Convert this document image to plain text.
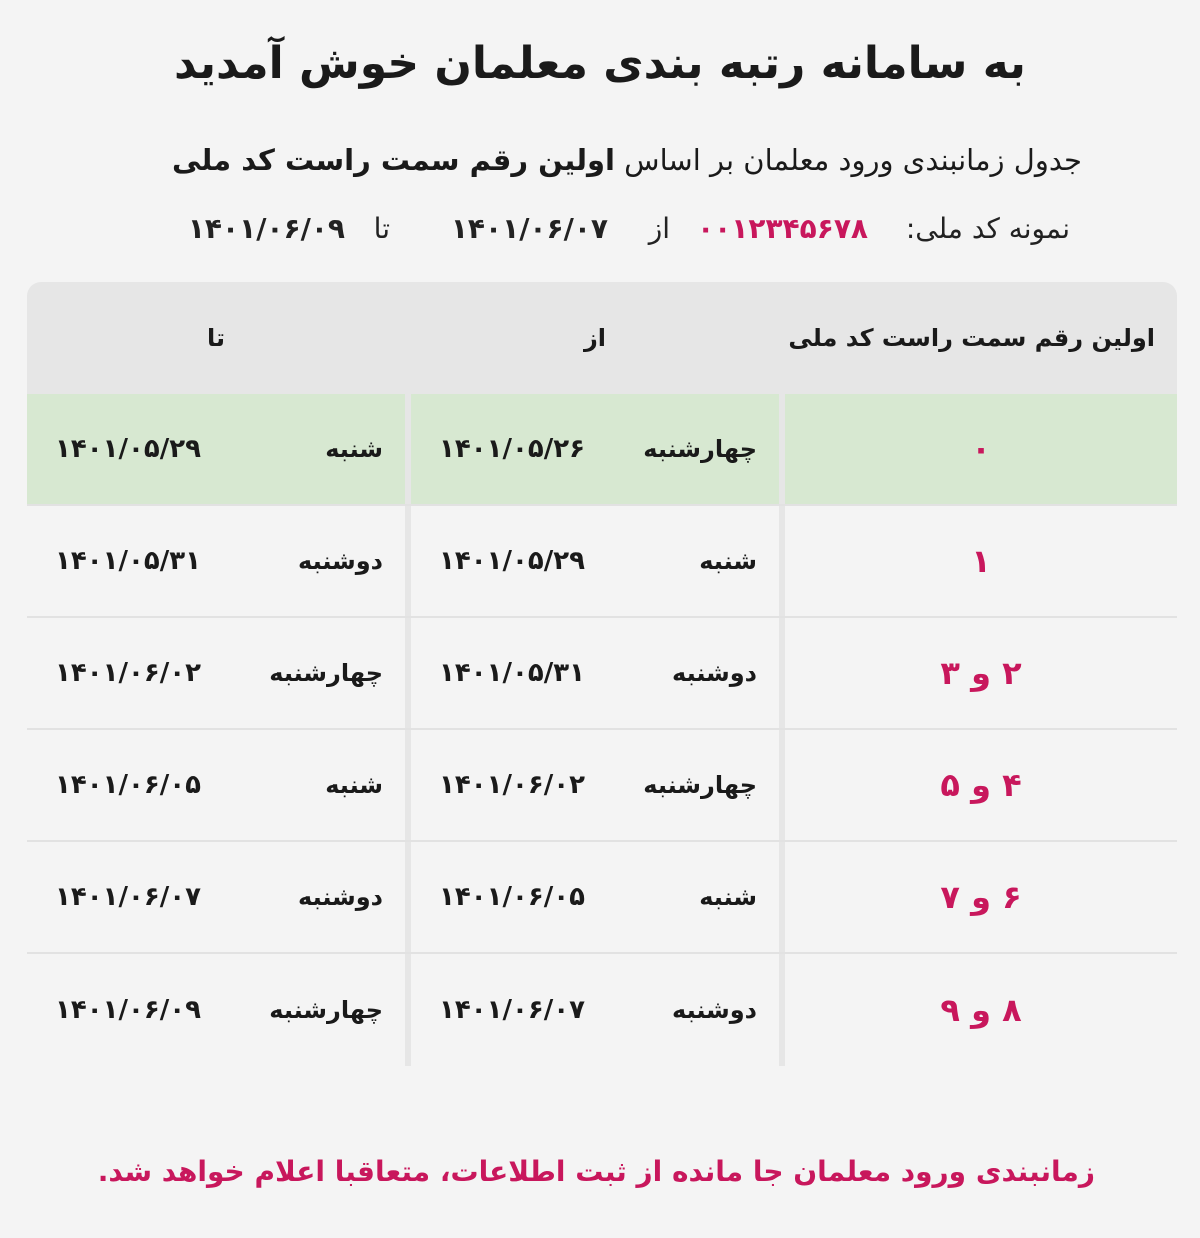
به سامانه رتبه بندی معلمان خوش آمدید
جدول زمانبندی ورود معلمان بر اساس اولین رقم سمت راست کد ملی
نمونه کد ملی:
۰۰۱۲۳۴۵۶۷۸
از
۱۴۰۱/۰۶/۰۷
تا
۱۴۰۱/۰۶/۰۹
اولین رقم سمت راست کد ملی
از
تا
۰
چهارشنبه
۱۴۰۱/۰۵/۲۶
شنبه
۱۴۰۱/۰۵/۲۹
۱
شنبه
۱۴۰۱/۰۵/۲۹
دوشنبه
۱۴۰۱/۰۵/۳۱
۲ و ۳
دوشنبه
۱۴۰۱/۰۵/۳۱
چهارشنبه
۱۴۰۱/۰۶/۰۲
۴ و ۵
چهارشنبه
۱۴۰۱/۰۶/۰۲
شنبه
۱۴۰۱/۰۶/۰۵
۶ و ۷
شنبه
۱۴۰۱/۰۶/۰۵
دوشنبه
۱۴۰۱/۰۶/۰۷
۸ و ۹
دوشنبه
۱۴۰۱/۰۶/۰۷
چهارشنبه
۱۴۰۱/۰۶/۰۹
زمانبندی ورود معلمان جا مانده از ثبت اطلاعات، متعاقبا اعلام خواهد شد.
